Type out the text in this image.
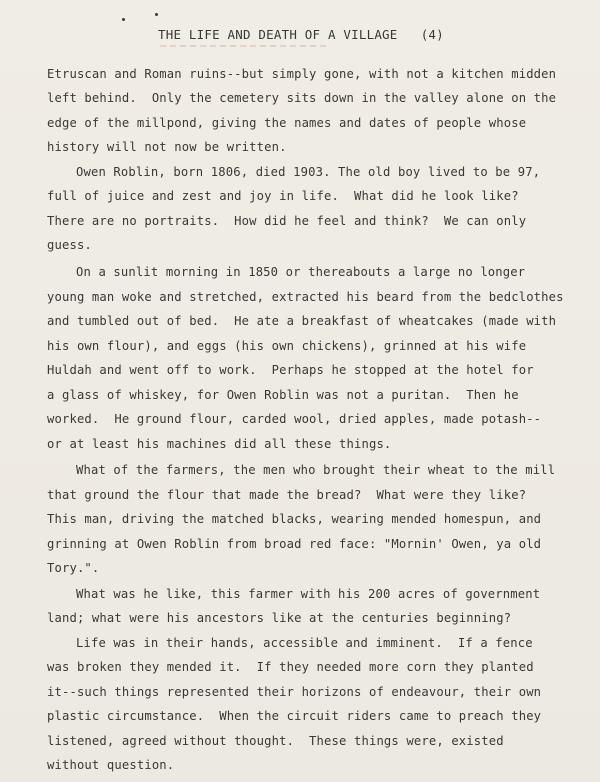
THE LIFE AND DEATH OF A VILLAGE (4)
Etruscan and Roman ruins--but simply gone, with not a kitchen midden
left behind.  Only the cemetery sits down in the valley alone on the
edge of the millpond, giving the names and dates of people whose
history will not now be written.
Owen Roblin, born 1806, died 1903. The old boy lived to be 97,
full of juice and zest and joy in life.  What did he look like?
There are no portraits.  How did he feel and think?  We can only
guess.
On a sunlit morning in 1850 or thereabouts a large no longer
young man woke and stretched, extracted his beard from the bedclothes
and tumbled out of bed.  He ate a breakfast of wheatcakes (made with
his own flour), and eggs (his own chickens), grinned at his wife
Huldah and went off to work.  Perhaps he stopped at the hotel for
a glass of whiskey, for Owen Roblin was not a puritan.  Then he
worked.  He ground flour, carded wool, dried apples, made potash--
or at least his machines did all these things.
What of the farmers, the men who brought their wheat to the mill
that ground the flour that made the bread?  What were they like?
This man, driving the matched blacks, wearing mended homespun, and
grinning at Owen Roblin from broad red face: "Mornin' Owen, ya old
Tory.".
What was he like, this farmer with his 200 acres of government
land; what were his ancestors like at the centuries beginning?
Life was in their hands, accessible and imminent.  If a fence
was broken they mended it.  If they needed more corn they planted
it--such things represented their horizons of endeavour, their own
plastic circumstance.  When the circuit riders came to preach they
listened, agreed without thought.  These things were, existed
without question.
